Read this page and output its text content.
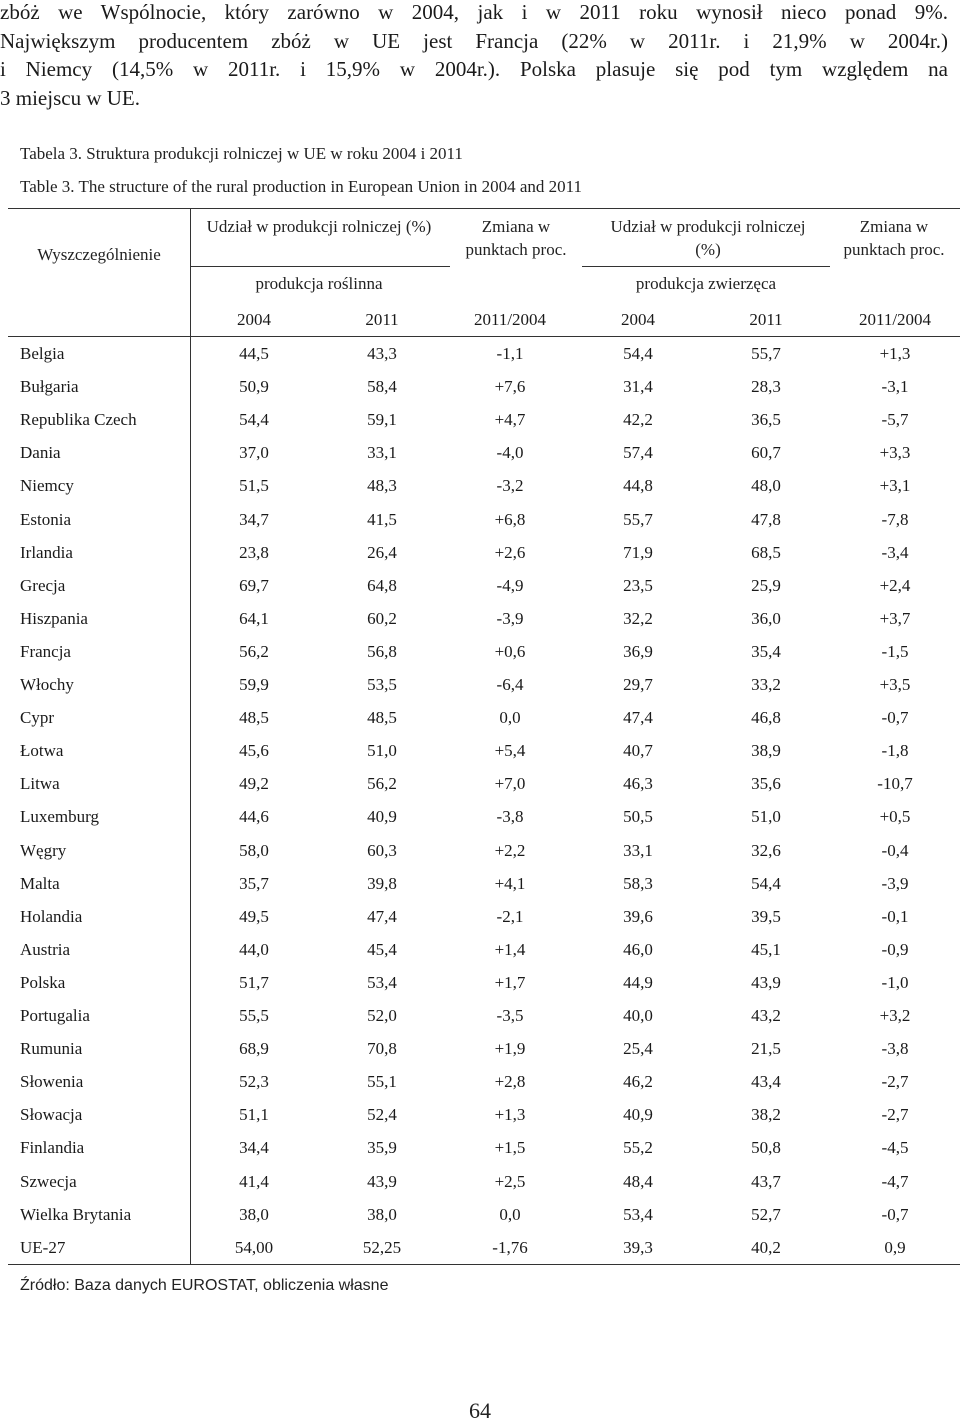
zbóż we Wspólnocie, który zarówno w 2004, jak i w 2011 roku wynosił nieco ponad 9%.
Największym producentem zbóż w UE jest Francja (22% w 2011r. i 21,9% w 2004r.)
i Niemcy (14,5% w 2011r. i 15,9% w 2004r.). Polska plasuje się pod tym względem na
3 miejscu w UE.
Tabela 3. Struktura produkcji rolniczej w UE w roku 2004 i 2011
Table 3. The structure of the rural production in European Union in 2004 and 2011
Wyszczególnienie
Udział w produkcji rolniczej (%)
produkcja roślinna
Zmiana w punktach proc.
Udział w produkcji rolniczej (%)
produkcja zwierzęca
Zmiana w punktach proc.
2004	2011	2011/2004	2004	2011	2011/2004
Belgia	44,5	43,3	-1,1	54,4	55,7	+1,3
Bułgaria	50,9	58,4	+7,6	31,4	28,3	-3,1
Republika Czech	54,4	59,1	+4,7	42,2	36,5	-5,7
Dania	37,0	33,1	-4,0	57,4	60,7	+3,3
Niemcy	51,5	48,3	-3,2	44,8	48,0	+3,1
Estonia	34,7	41,5	+6,8	55,7	47,8	-7,8
Irlandia	23,8	26,4	+2,6	71,9	68,5	-3,4
Grecja	69,7	64,8	-4,9	23,5	25,9	+2,4
Hiszpania	64,1	60,2	-3,9	32,2	36,0	+3,7
Francja	56,2	56,8	+0,6	36,9	35,4	-1,5
Włochy	59,9	53,5	-6,4	29,7	33,2	+3,5
Cypr	48,5	48,5	0,0	47,4	46,8	-0,7
Łotwa	45,6	51,0	+5,4	40,7	38,9	-1,8
Litwa	49,2	56,2	+7,0	46,3	35,6	-10,7
Luxemburg	44,6	40,9	-3,8	50,5	51,0	+0,5
Węgry	58,0	60,3	+2,2	33,1	32,6	-0,4
Malta	35,7	39,8	+4,1	58,3	54,4	-3,9
Holandia	49,5	47,4	-2,1	39,6	39,5	-0,1
Austria	44,0	45,4	+1,4	46,0	45,1	-0,9
Polska	51,7	53,4	+1,7	44,9	43,9	-1,0
Portugalia	55,5	52,0	-3,5	40,0	43,2	+3,2
Rumunia	68,9	70,8	+1,9	25,4	21,5	-3,8
Słowenia	52,3	55,1	+2,8	46,2	43,4	-2,7
Słowacja	51,1	52,4	+1,3	40,9	38,2	-2,7
Finlandia	34,4	35,9	+1,5	55,2	50,8	-4,5
Szwecja	41,4	43,9	+2,5	48,4	43,7	-4,7
Wielka Brytania	38,0	38,0	0,0	53,4	52,7	-0,7
UE-27	54,00	52,25	-1,76	39,3	40,2	0,9
Źródło: Baza danych EUROSTAT, obliczenia własne
64
